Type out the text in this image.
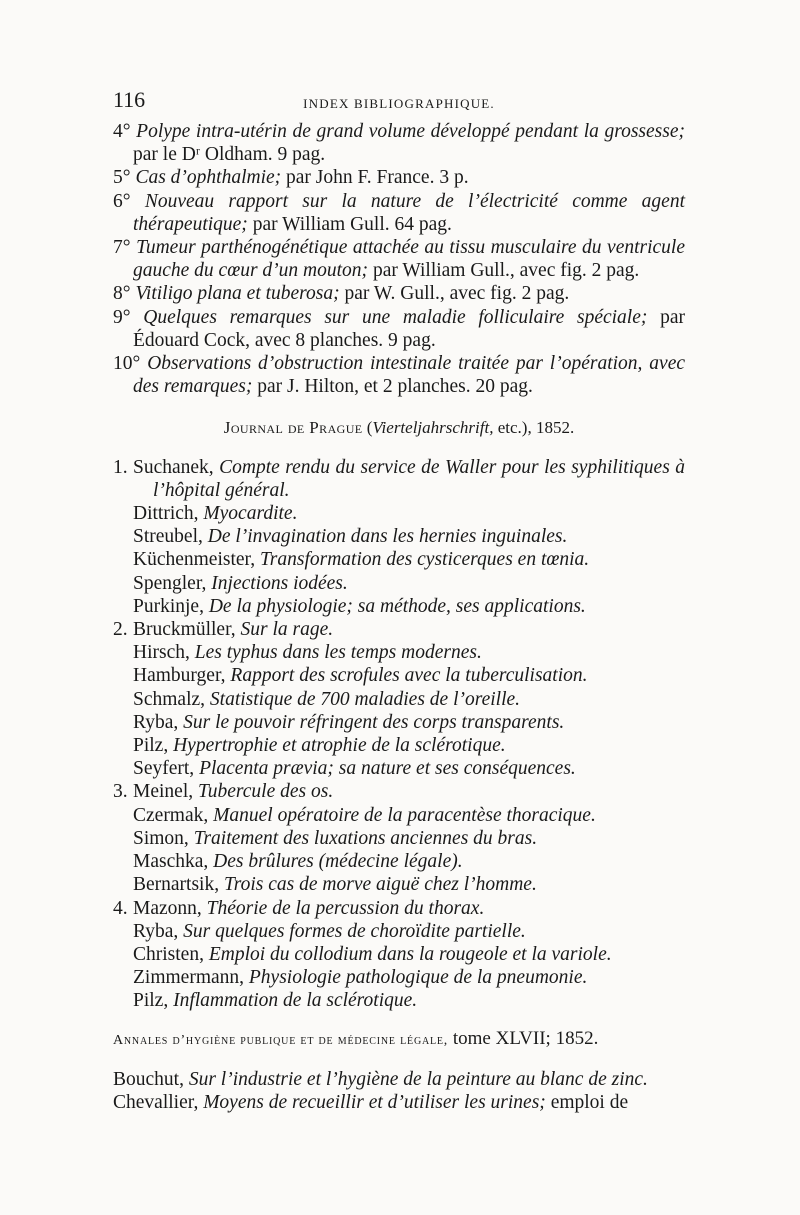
116	INDEX BIBLIOGRAPHIQUE.

4° Polype intra-utérin de grand volume développé pendant la grossesse; par le Dʳ Oldham. 9 pag.

5° Cas d’ophthalmie; par John F. France. 3 p.

6° Nouveau rapport sur la nature de l’électricité comme agent thérapeutique; par William Gull. 64 pag.

7° Tumeur parthénogénétique attachée au tissu musculaire du ventricule gauche du cœur d’un mouton; par William Gull., avec fig. 2 pag.

8° Vitiligo plana et tuberosa; par W. Gull., avec fig. 2 pag.

9° Quelques remarques sur une maladie folliculaire spéciale; par Édouard Cock, avec 8 planches. 9 pag.

10° Observations d’obstruction intestinale traitée par l’opération, avec des remarques; par J. Hilton, et 2 planches. 20 pag.

Journal de Prague (Vierteljahrschrift, etc.), 1852.

1. Suchanek, Compte rendu du service de Waller pour les syphilitiques à l’hôpital général.

Dittrich, Myocardite.

Streubel, De l’invagination dans les hernies inguinales.

Küchenmeister, Transformation des cysticerques en tœnia.

Spengler, Injections iodées.

Purkinje, De la physiologie; sa méthode, ses applications.

2. Bruckmüller, Sur la rage.

Hirsch, Les typhus dans les temps modernes.

Hamburger, Rapport des scrofules avec la tuberculisation.

Schmalz, Statistique de 700 maladies de l’oreille.

Ryba, Sur le pouvoir réfringent des corps transparents.

Pilz, Hypertrophie et atrophie de la sclérotique.

Seyfert, Placenta prævia; sa nature et ses conséquences.

3. Meinel, Tubercule des os.

Czermak, Manuel opératoire de la paracentèse thoracique.

Simon, Traitement des luxations anciennes du bras.

Maschka, Des brûlures (médecine légale).

Bernartsik, Trois cas de morve aiguë chez l’homme.

4. Mazonn, Théorie de la percussion du thorax.

Ryba, Sur quelques formes de choroïdite partielle.

Christen, Emploi du collodium dans la rougeole et la variole.

Zimmermann, Physiologie pathologique de la pneumonie.

Pilz, Inflammation de la sclérotique.

Annales d’hygiène publique et de médecine légale, tome XLVII; 1852.

Bouchut, Sur l’industrie et l’hygiène de la peinture au blanc de zinc.

Chevallier, Moyens de recueillir et d’utiliser les urines; emploi de
